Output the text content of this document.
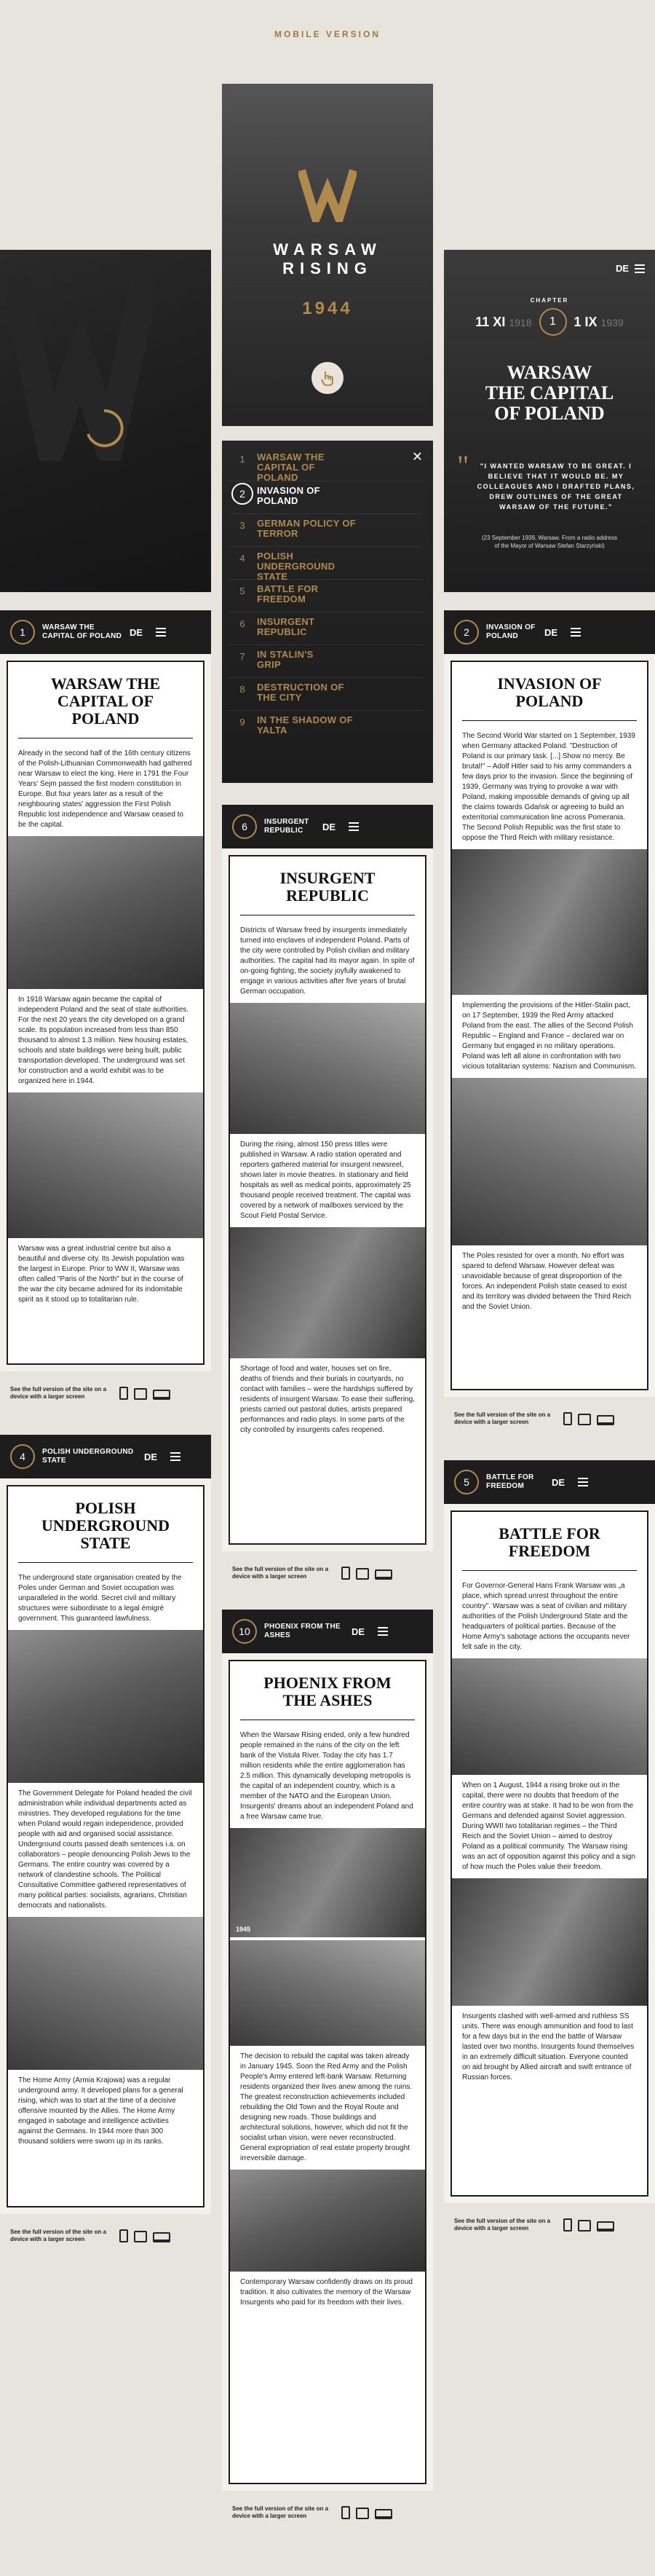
MOBILE VERSION
WARSAW
RISING
1944
DE
CHAPTER
11 XI 1918	1	1 IX 1939
WARSAW
THE CAPITAL
OF POLAND
"	"I WANTED WARSAW TO BE GREAT. I BELIEVE THAT IT WOULD BE. MY COLLEAGUES AND I DRAFTED PLANS, DREW OUTLINES OF THE GREAT WARSAW OF THE FUTURE."
(23 September 1939, Warsaw. From a radio address of the Mayor of Warsaw Stefan Starzyński)
✕
1	WARSAW THE CAPITAL OF POLAND
2	INVASION OF POLAND
3	GERMAN POLICY OF TERROR
4	POLISH UNDERGROUND STATE
5	BATTLE FOR FREEDOM
6	INSURGENT REPUBLIC
7	IN STALIN'S GRIP
8	DESTRUCTION OF THE CITY
9	IN THE SHADOW OF YALTA
1	WARSAW THE CAPITAL OF POLAND DE
WARSAW THE CAPITAL OF POLAND

Already in the second half of the 16th century citizens of the Polish-Lithuanian Commonwealth had gathered near Warsaw to elect the king. Here in 1791 the Four Years' Sejm passed the first modern constitution in Europe. But four years later as a result of the neighbouring states' aggression the First Polish Republic lost independence and Warsaw ceased to be the capital.

In 1918 Warsaw again became the capital of independent Poland and the seat of state authorities. For the next 20 years the city developed on a grand scale. Its population increased from less than 850 thousand to almost 1.3 million. New housing estates, schools and state buildings were being built, public transportation developed. The underground was set for construction and a world exhibit was to be organized here in 1944.

Warsaw was a great industrial centre but also a beautiful and diverse city. Its Jewish population was the largest in Europe. Prior to WW II, Warsaw was often called "Paris of the North" but in the course of the war the city became admired for its indomitable spirit as it stood up to totalitarian rule.

See the full version of the site on a device with a larger screen
2	INVASION OF POLAND	DE
INVASION OF POLAND

The Second World War started on 1 September, 1939 when Germany attacked Poland. "Destruction of Poland is our primary task. [...] Show no mercy. Be brutal!" – Adolf Hitler said to his army commanders a few days prior to the invasion. Since the beginning of 1939, Germany was trying to provoke a war with Poland, making impossible demands of giving up all the claims towards Gdańsk or agreeing to build an exterritorial communication line across Pomerania. The Second Polish Republic was the first state to oppose the Third Reich with military resistance.

Implementing the provisions of the Hitler-Stalin pact, on 17 September, 1939 the Red Army attacked Poland from the east. The allies of the Second Polish Republic – England and France – declared war on Germany but engaged in no military operations. Poland was left all alone in confrontation with two vicious totalitarian systems: Nazism and Communism.

The Poles resisted for over a month. No effort was spared to defend Warsaw. However defeat was unavoidable because of great disproportion of the forces. An independent Polish state ceased to exist and its territory was divided between the Third Reich and the Soviet Union.

See the full version of the site on a device with a larger screen
6	INSURGENT REPUBLIC	DE
INSURGENT REPUBLIC

Districts of Warsaw freed by insurgents immediately turned into enclaves of independent Poland. Parts of the city were controlled by Polish civilian and military authorities. The capital had its mayor again. In spite of on-going fighting, the society joyfully awakened to engage in various activities after five years of brutal German occupation.

During the rising, almost 150 press titles were published in Warsaw. A radio station operated and reporters gathered material for insurgent newsreel, shown later in movie theatres. In stationary and field hospitals as well as medical points, approximately 25 thousand people received treatment. The capital was covered by a network of mailboxes serviced by the Scout Field Postal Service.

Shortage of food and water, houses set on fire, deaths of friends and their burials in courtyards, no contact with families – were the hardships suffered by residents of insurgent Warsaw. To ease their suffering, priests carried out pastoral duties, artists prepared performances and radio plays. In some parts of the city controlled by insurgents cafes reopened.

See the full version of the site on a device with a larger screen
4	POLISH UNDERGROUND STATE	DE
POLISH UNDERGROUND STATE

The underground state organisation created by the Poles under German and Soviet occupation was unparalleled in the world. Secret civil and military structures were subordinate to a legal émigré government. This guaranteed lawfulness.

The Government Delegate for Poland headed the civil administration while individual departments acted as ministries. They developed regulations for the time when Poland would regain independence, provided people with aid and organised social assistance. Underground courts passed death sentences i.a. on collaborators – people denouncing Polish Jews to the Germans. The entire country was covered by a network of clandestine schools. The Political Consultative Committee gathered representatives of many political parties: socialists, agrarians, Christian democrats and nationalists.

The Home Army (Armia Krajowa) was a regular underground army. It developed plans for a general rising, which was to start at the time of a decisive offensive mounted by the Allies. The Home Army engaged in sabotage and intelligence activities against the Germans. In 1944 more than 300 thousand soldiers were sworn up in its ranks.

See the full version of the site on a device with a larger screen
10	PHOENIX FROM THE ASHES	DE
PHOENIX FROM THE ASHES

When the Warsaw Rising ended, only a few hundred people remained in the ruins of the city on the left bank of the Vistula River. Today the city has 1.7 million residents while the entire agglomeration has 2.5 million. This dynamically developing metropolis is the capital of an independent country, which is a member of the NATO and the European Union. Insurgents' dreams about an independent Poland and a free Warsaw came true.

1945

The decision to rebuild the capital was taken already in January 1945. Soon the Red Army and the Polish People's Army entered left-bank Warsaw. Returning residents organized their lives anew among the ruins. The greatest reconstruction achievements included rebuilding the Old Town and the Royal Route and designing new roads. Those buildings and architectural solutions, however, which did not fit the socialist urban vision, were never reconstructed. General expropriation of real estate property brought irreversible damage.

Contemporary Warsaw confidently draws on its proud tradition. It also cultivates the memory of the Warsaw Insurgents who paid for its freedom with their lives.

See the full version of the site on a device with a larger screen
5	BATTLE FOR FREEDOM	DE
BATTLE FOR FREEDOM

For Governor-General Hans Frank Warsaw was „a place, which spread unrest throughout the entire country". Warsaw was a seat of civilian and military authorities of the Polish Underground State and the headquarters of political parties. Because of the Home Army's sabotage actions the occupants never felt safe in the city.

When on 1 August, 1944 a rising broke out in the capital, there were no doubts that freedom of the entire country was at stake. It had to be won from the Germans and defended against Soviet aggression. During WWII two totalitarian regimes – the Third Reich and the Soviet Union – aimed to destroy Poland as a political community. The Warsaw rising was an act of opposition against this policy and a sign of how much the Poles value their freedom.

Insurgents clashed with well-armed and ruthless SS units. There was enough ammunition and food to last for a few days but in the end the battle of Warsaw lasted over two months. Insurgents found themselves in an extremely difficult situation. Everyone counted on aid brought by Allied aircraft and swift entrance of Russian forces.

See the full version of the site on a device with a larger screen
